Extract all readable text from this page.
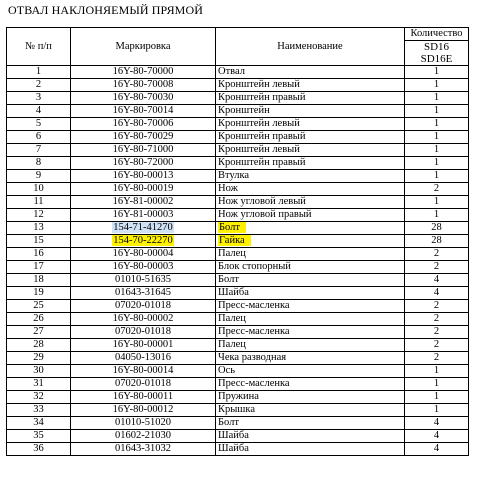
ОТВАЛ НАКЛОНЯЕМЫЙ ПРЯМОЙ
№ п/п	Маркировка	Наименование	Количество
			SD16
SD16E
1	16Y-80-70000	Отвал	1
2	16Y-80-70008	Кронштейн левый	1
3	16Y-80-70030	Кронштейн правый	1
4	16Y-80-70014	Кронштейн	1
5	16Y-80-70006	Кронштейн левый	1
6	16Y-80-70029	Кронштейн правый	1
7	16Y-80-71000	Кронштейн левый	1
8	16Y-80-72000	Кронштейн правый	1
9	16Y-80-00013	Втулка	1
10	16Y-80-00019	Нож	2
11	16Y-81-00002	Нож угловой левый	1
12	16Y-81-00003	Нож угловой правый	1
13	154-71-41270	Болт	28
15	154-70-22270	Гайка	28
16	16Y-80-00004	Палец	2
17	16Y-80-00003	Блок стопорный	2
18	01010-51635	Болт	4
19	01643-31645	Шайба	4
25	07020-01018	Пресс-масленка	2
26	16Y-80-00002	Палец	2
27	07020-01018	Пресс-масленка	2
28	16Y-80-00001	Палец	2
29	04050-13016	Чека разводная	2
30	16Y-80-00014	Ось	1
31	07020-01018	Пресс-масленка	1
32	16Y-80-00011	Пружина	1
33	16Y-80-00012	Крышка	1
34	01010-51020	Болт	4
35	01602-21030	Шайба	4
36	01643-31032	Шайба	4
